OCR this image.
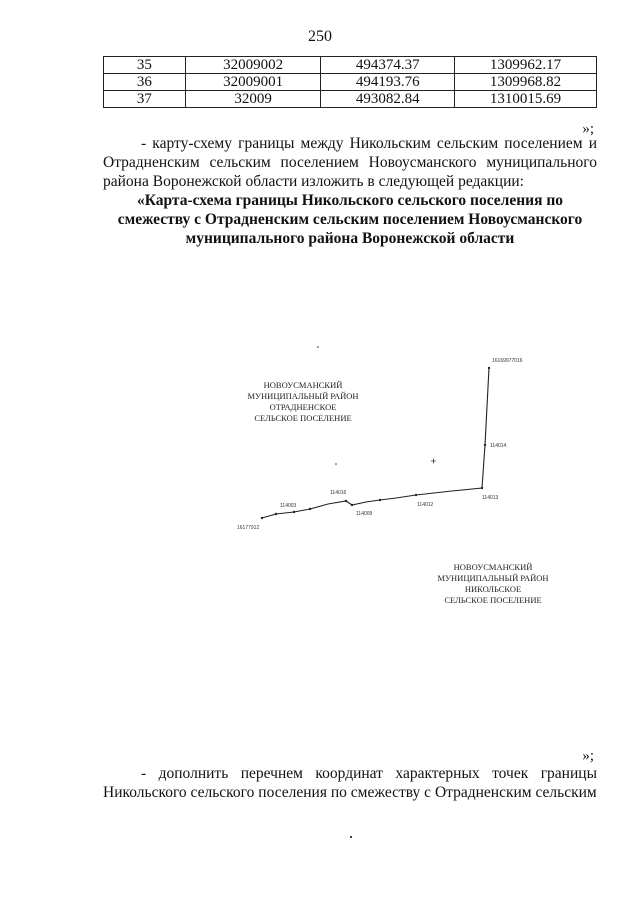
250
35	32009002	494374.37	1309962.17
36	32009001	494193.76	1309968.82
37	32009	493082.84	1310015.69
»;

- карту-схему границы между Никольским сельским поселением и Отрадненским сельским поселением Новоусманского муниципального района Воронежской области изложить в следующей редакции:

«Карта-схема границы Никольского сельского поселения по смежеству с Отрадненским сельским поселением Новоусманского муниципального района Воронежской области

16177912
114003
114016
114009
114012
114013
114014
16169977016
НОВОУСМАНСКИЙ
МУНИЦИПАЛЬНЫЙ РАЙОН
ОТРАДНЕНСКОЕ
СЕЛЬСКОЕ ПОСЕЛЕНИЕ
НОВОУСМАНСКИЙ
МУНИЦИПАЛЬНЫЙ РАЙОН
НИКОЛЬСКОЕ
СЕЛЬСКОЕ ПОСЕЛЕНИЕ
»;

- дополнить перечнем координат характерных точек границы Никольского сельского поселения по смежеству с Отрадненским сельским
